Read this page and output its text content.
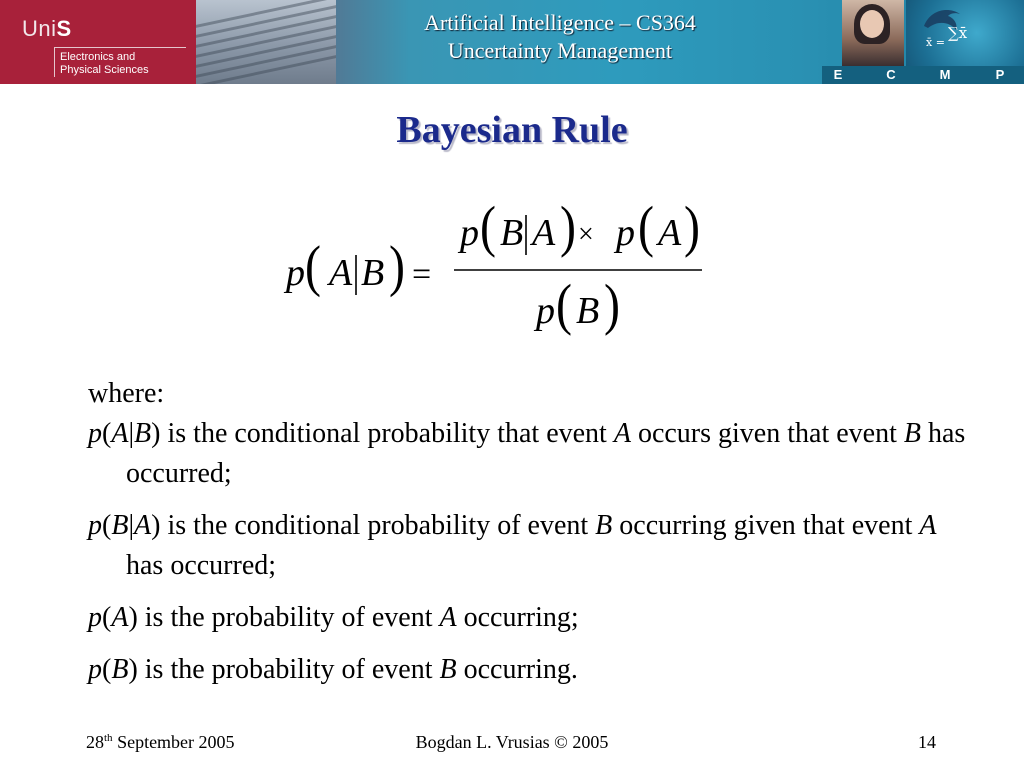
UniS
Electronics and
Physical Sciences
Artificial Intelligence – CS364
Uncertainty Management
∑x̄
x̄ =
E	C	M	P
Bayesian Rule
p ( A B ) =
p ( B A ) × p ( A )
p ( B )

where:

p(A|B) is the conditional probability that event A occurs given that event B has occurred;

p(B|A) is the conditional probability of event B occurring given that event A has occurred;

p(A) is the probability of event A occurring;

p(B) is the probability of event B occurring.

28th September 2005	Bogdan L. Vrusias © 2005	14
